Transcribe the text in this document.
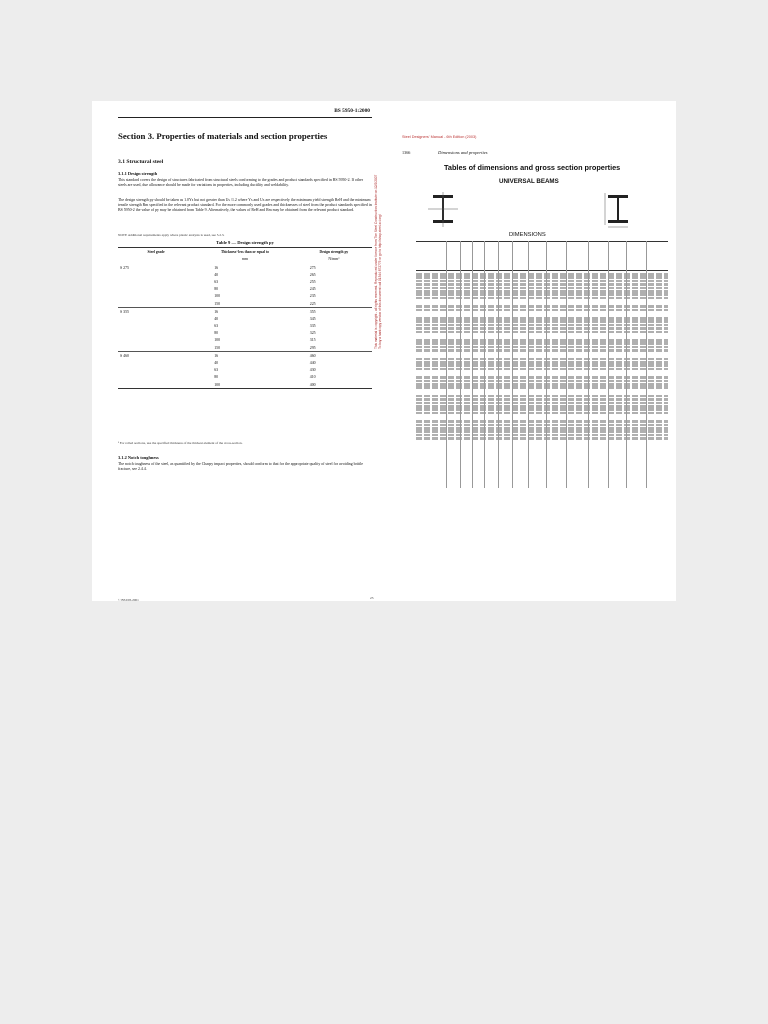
BS 5950-1:2000
Section 3. Properties of materials and section properties
3.1 Structural steel
3.1.1 Design strength
This standard covers the design of structures fabricated from structural steels conforming to the grades and product standards specified in BS 5950-2. If other steels are used, due allowance should be made for variations in properties, including ductility and weldability.
The design strength py should be taken as 1.0Ys but not greater than Us /1.2 where Ys and Us are respectively the minimum yield strength ReH and the minimum tensile strength Rm specified in the relevant product standard. For the more commonly used grades and thicknesses of steel from the product standards specified in BS 5950-2 the value of py may be obtained from Table 9. Alternatively, the values of ReH and Rm may be obtained from the relevant product standard.
NOTE Additional requirements apply where plastic analysis is used, see 5.2.3.
Table 9 — Design strength py
Steel grade	Thicknessª less than or equal to	Design strength py
	mm	N/mm²
S 275	16	275
	40	265
	63	255
	80	245
	100	235
	150	225
S 355	16	355
	40	345
	63	335
	80	325
	100	315
	150	295
S 460	16	460
	40	440
	63	430
	80	410
	100	400
ª For rolled sections, use the specified thickness of the thickest element of the cross-section.
3.1.2 Notch toughness
The notch toughness of the steel, as quantified by the Charpy impact properties, should conform to that for the appropriate quality of steel for avoiding brittle fracture, see 2.4.4.
© BSI 08-2001	23
This material is copyright - all rights reserved. Reproduced under licence from The Steel Construction Institute on 12/2/2007 To buy a hardcopy version of this document call 01344 872775 or go to http://shop.steel-sci.org/
Steel Designers' Manual - 6th Edition (2003)
1366	Dimensions and properties
Tables of dimensions and gross section properties
UNIVERSAL BEAMS
DIMENSIONS
